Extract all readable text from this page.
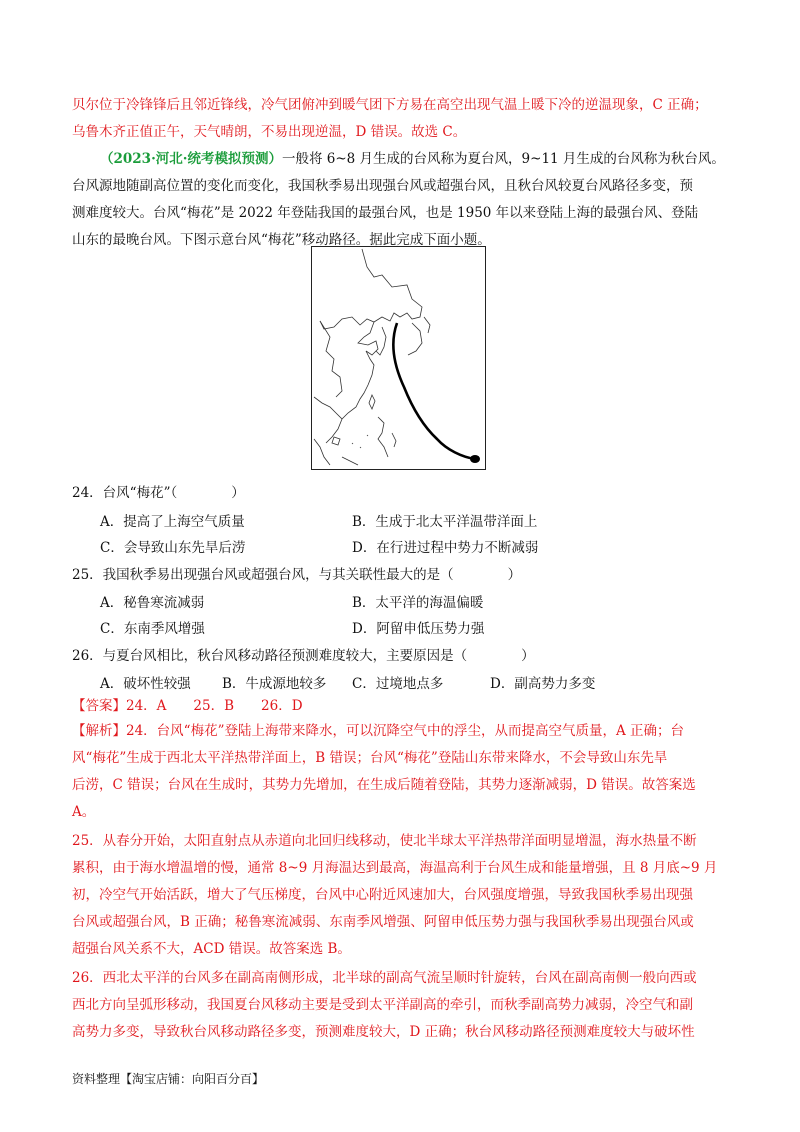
贝尔位于冷锋锋后且邻近锋线，冷气团俯冲到暖气团下方易在高空出现气温上暖下冷的逆温现象，C 正确；

乌鲁木齐正值正午，天气晴朗，不易出现逆温，D 错误。故选 C。

（2023·河北·统考模拟预测）一般将 6~8 月生成的台风称为夏台风，9~11 月生成的台风称为秋台风。

台风源地随副高位置的变化而变化，我国秋季易出现强台风或超强台风，且秋台风较夏台风路径多变，预

测难度较大。台风“梅花”是 2022 年登陆我国的最强台风，也是 1950 年以来登陆上海的最强台风、登陆

山东的最晚台风。下图示意台风“梅花”移动路径。据此完成下面小题。

24．台风“梅花”（　　　　）

A．提高了上海空气质量	B．生成于北太平洋温带洋面上
C．会导致山东先旱后涝	D．在行进过程中势力不断减弱

25．我国秋季易出现强台风或超强台风，与其关联性最大的是（　　　　）

A．秘鲁寒流减弱	B．太平洋的海温偏暖
C．东南季风增强	D．阿留申低压势力强

26．与夏台风相比，秋台风移动路径预测难度较大，主要原因是（　　　　）

A．破坏性较强 B．牛成源地较多 C．过境地点多	D．副高势力多变

【答案】24．A　　25．B　　26．D

【解析】24．台风“梅花”登陆上海带来降水，可以沉降空气中的浮尘，从而提高空气质量，A 正确；台

风“梅花”生成于西北太平洋热带洋面上，B 错误；台风“梅花”登陆山东带来降水，不会导致山东先旱

后涝，C 错误；台风在生成时，其势力先增加，在生成后随着登陆，其势力逐渐减弱，D 错误。故答案选

A。

25．从春分开始，太阳直射点从赤道向北回归线移动，使北半球太平洋热带洋面明显增温，海水热量不断

累积，由于海水增温增的慢，通常 8~9 月海温达到最高，海温高利于台风生成和能量增强，且 8 月底~9 月

初，冷空气开始活跃，增大了气压梯度，台风中心附近风速加大，台风强度增强，导致我国秋季易出现强

台风或超强台风，B 正确；秘鲁寒流减弱、东南季风增强、阿留申低压势力强与我国秋季易出现强台风或

超强台风关系不大，ACD 错误。故答案选 B。

26．西北太平洋的台风多在副高南侧形成，北半球的副高气流呈顺时针旋转，台风在副高南侧一般向西或

西北方向呈弧形移动，我国夏台风移动主要是受到太平洋副高的牵引，而秋季副高势力减弱，冷空气和副

高势力多变，导致秋台风移动路径多变，预测难度较大，D 正确；秋台风移动路径预测难度较大与破坏性

资料整理【淘宝店铺：向阳百分百】
